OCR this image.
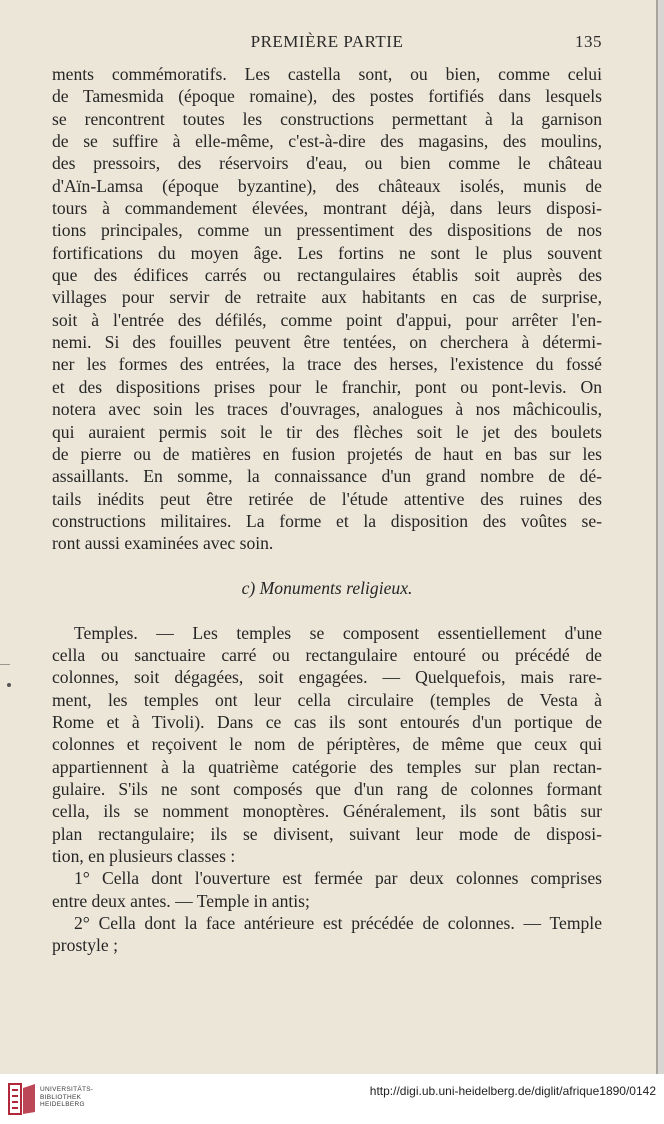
PREMIÈRE PARTIE	135
ments commémoratifs. Les castella sont, ou bien, comme celui
de Tamesmida (époque romaine), des postes fortifiés dans lesquels
se rencontrent toutes les constructions permettant à la garnison
de se suffire à elle-même, c'est-à-dire des magasins, des moulins,
des pressoirs, des réservoirs d'eau, ou bien comme le château
d'Aïn-Lamsa (époque byzantine), des châteaux isolés, munis de
tours à commandement élevées, montrant déjà, dans leurs disposi-
tions principales, comme un pressentiment des dispositions de nos
fortifications du moyen âge. Les fortins ne sont le plus souvent
que des édifices carrés ou rectangulaires établis soit auprès des
villages pour servir de retraite aux habitants en cas de surprise,
soit à l'entrée des défilés, comme point d'appui, pour arrêter l'en-
nemi. Si des fouilles peuvent être tentées, on cherchera à détermi-
ner les formes des entrées, la trace des herses, l'existence du fossé
et des dispositions prises pour le franchir, pont ou pont-levis. On
notera avec soin les traces d'ouvrages, analogues à nos mâchicoulis,
qui auraient permis soit le tir des flèches soit le jet des boulets
de pierre ou de matières en fusion projetés de haut en bas sur les
assaillants. En somme, la connaissance d'un grand nombre de dé-
tails inédits peut être retirée de l'étude attentive des ruines des
constructions militaires. La forme et la disposition des voûtes se-
ront aussi examinées avec soin.
c) Monuments religieux.
Temples. — Les temples se composent essentiellement d'une
cella ou sanctuaire carré ou rectangulaire entouré ou précédé de
colonnes, soit dégagées, soit engagées. — Quelquefois, mais rare-
ment, les temples ont leur cella circulaire (temples de Vesta à
Rome et à Tivoli). Dans ce cas ils sont entourés d'un portique de
colonnes et reçoivent le nom de périptères, de même que ceux qui
appartiennent à la quatrième catégorie des temples sur plan rectan-
gulaire. S'ils ne sont composés que d'un rang de colonnes formant
cella, ils se nomment monoptères. Généralement, ils sont bâtis sur
plan rectangulaire; ils se divisent, suivant leur mode de disposi-
tion, en plusieurs classes :
1° Cella dont l'ouverture est fermée par deux colonnes comprises
entre deux antes. — Temple in antis;
2° Cella dont la face antérieure est précédée de colonnes. — Temple
prostyle ;
UNIVERSITÄTS-
BIBLIOTHEK
HEIDELBERG
http://digi.ub.uni-heidelberg.de/diglit/afrique1890/0142
